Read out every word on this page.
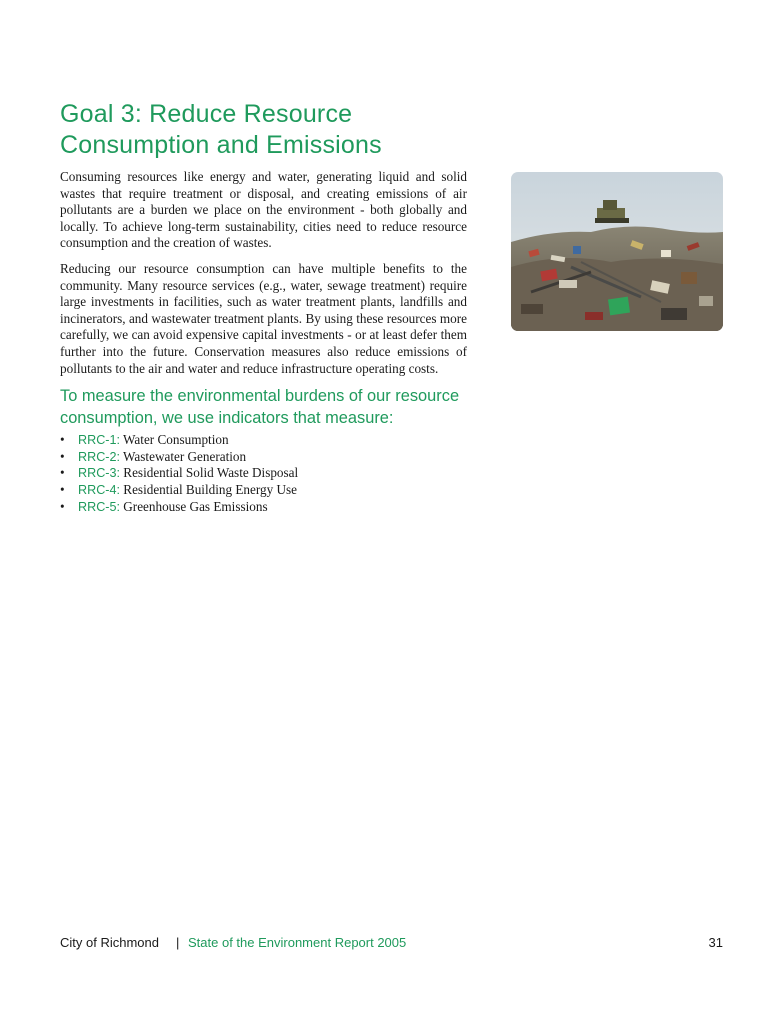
Goal 3: Reduce Resource Consumption and Emissions

Consuming resources like energy and water, generating liquid and solid wastes that require treatment or disposal, and creating emissions of air pollutants are a burden we place on the environment - both globally and locally. To achieve long-term sustainability, cities need to reduce resource consumption and the creation of wastes.

Reducing our resource consumption can have multiple benefits to the community. Many resource services (e.g., water, sewage treatment) require large investments in facilities, such as water treatment plants, landfills and incinerators, and wastewater treatment plants. By using these resources more carefully, we can avoid expensive capital investments - or at least defer them further into the future. Conservation measures also reduce emissions of pollutants to the air and water and reduce infrastructure operating costs.

To measure the environmental burdens of our resource consumption, we use indicators that measure:
• RRC-1: Water Consumption
• RRC-2: Wastewater Generation
• RRC-3: Residential Solid Waste Disposal
• RRC-4: Residential Building Energy Use
• RRC-5: Greenhouse Gas Emissions
City of Richmond | State of the Environment Report 2005	31
